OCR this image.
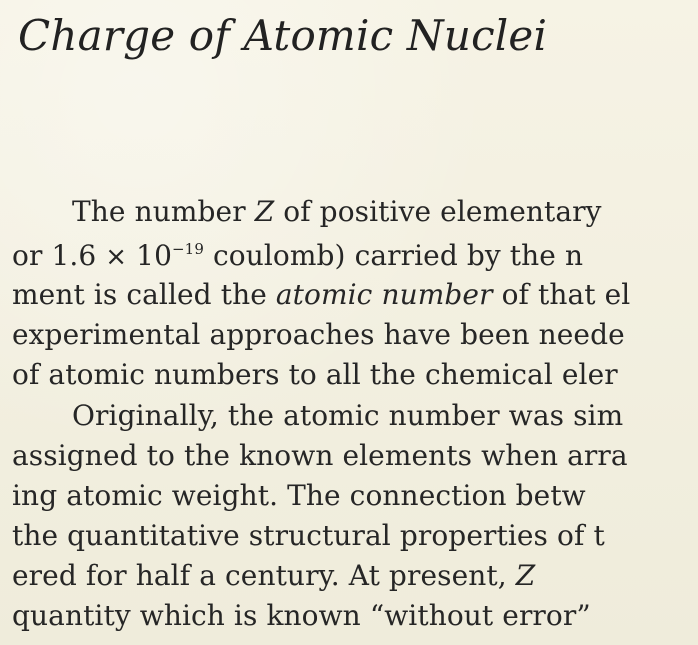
Charge of Atomic Nuclei
The number Z of positive elementary
or $1.6 \times 10^{-19}$ coulomb) carried by the n
ment is called the atomic number of that el
experimental approaches have been neede
of atomic numbers to all the chemical eler
Originally, the atomic number was sim
assigned to the known elements when arra
ing atomic weight. The connection betw
the quantitative structural properties of t
ered for half a century. At present, Z
quantity which is known “without error”
